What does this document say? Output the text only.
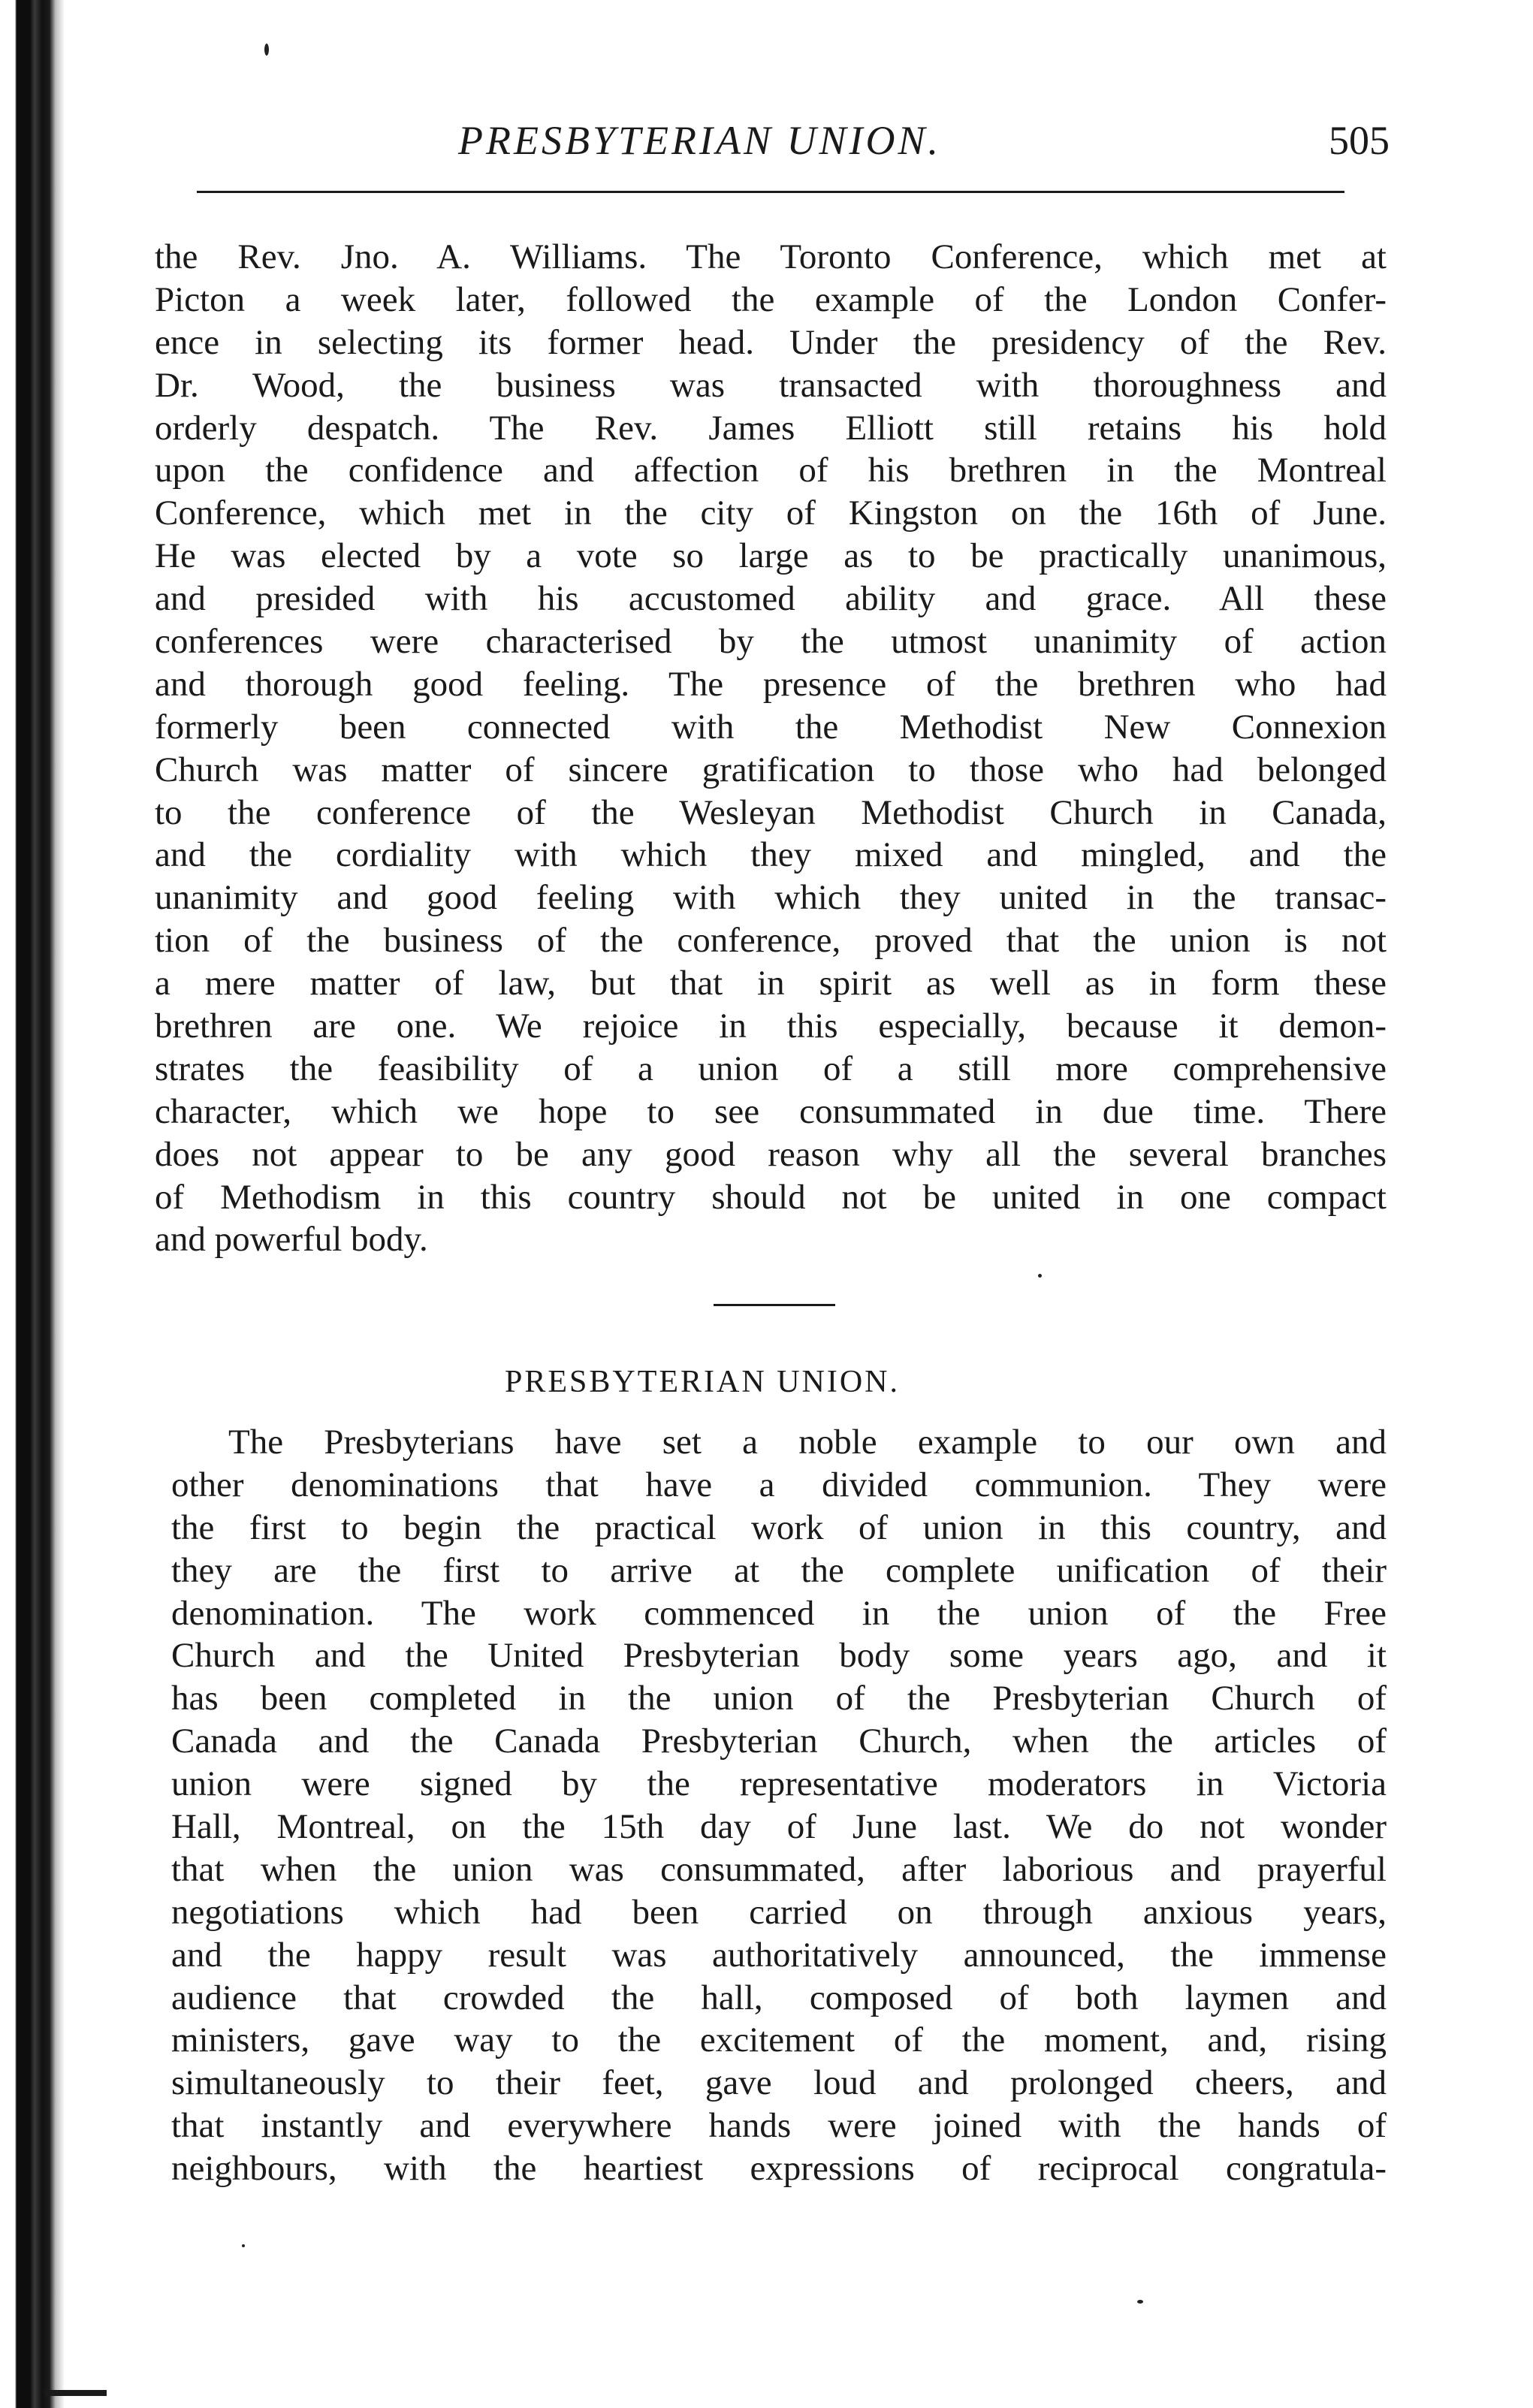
PRESBYTERIAN UNION.	505
the Rev. Jno. A. Williams. The Toronto Conference, which met at
Picton a week later, followed the example of the London Confer-
ence in selecting its former head. Under the presidency of the Rev.
Dr. Wood, the business was transacted with thoroughness and
orderly despatch. The Rev. James Elliott still retains his hold
upon the confidence and affection of his brethren in the Montreal
Conference, which met in the city of Kingston on the 16th of June.
He was elected by a vote so large as to be practically unanimous,
and presided with his accustomed ability and grace. All these
conferences were characterised by the utmost unanimity of action
and thorough good feeling. The presence of the brethren who had
formerly been connected with the Methodist New Connexion
Church was matter of sincere gratification to those who had belonged
to the conference of the Wesleyan Methodist Church in Canada,
and the cordiality with which they mixed and mingled, and the
unanimity and good feeling with which they united in the transac-
tion of the business of the conference, proved that the union is not
a mere matter of law, but that in spirit as well as in form these
brethren are one. We rejoice in this especially, because it demon-
strates the feasibility of a union of a still more comprehensive
character, which we hope to see consummated in due time. There
does not appear to be any good reason why all the several branches
of Methodism in this country should not be united in one compact
and powerful body.
PRESBYTERIAN UNION.
The Presbyterians have set a noble example to our own and
other denominations that have a divided communion. They were
the first to begin the practical work of union in this country, and
they are the first to arrive at the complete unification of their
denomination. The work commenced in the union of the Free
Church and the United Presbyterian body some years ago, and it
has been completed in the union of the Presbyterian Church of
Canada and the Canada Presbyterian Church, when the articles of
union were signed by the representative moderators in Victoria
Hall, Montreal, on the 15th day of June last. We do not wonder
that when the union was consummated, after laborious and prayerful
negotiations which had been carried on through anxious years,
and the happy result was authoritatively announced, the immense
audience that crowded the hall, composed of both laymen and
ministers, gave way to the excitement of the moment, and, rising
simultaneously to their feet, gave loud and prolonged cheers, and
that instantly and everywhere hands were joined with the hands of
neighbours, with the heartiest expressions of reciprocal congratula-
